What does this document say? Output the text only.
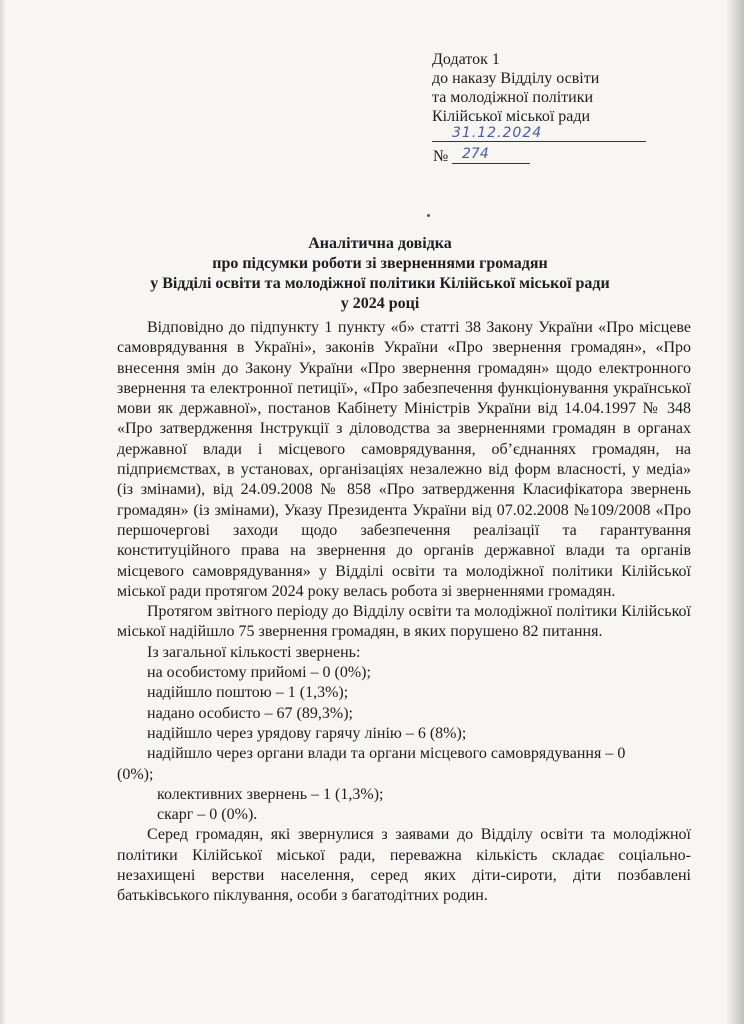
Додаток 1
до наказу Відділу освіти
та молодіжної політики
Кілійської міської ради
31.12.2024
№ 274
Аналітична довідка
про підсумки роботи зі зверненнями громадян
у Відділі освіти та молодіжної політики Кілійської міської ради
у 2024 році

Відповідно до підпункту 1 пункту «б» статті 38 Закону України «Про місцеве самоврядування в Україні», законів України «Про звернення громадян», «Про внесення змін до Закону України «Про звернення громадян» щодо електронного звернення та електронної петиції», «Про забезпечення функціонування української мови як державної», постанов Кабінету Міністрів України від 14.04.1997 № 348 «Про затвердження Інструкції з діловодства за зверненнями громадян в органах державної влади і місцевого самоврядування, об’єднаннях громадян, на підприємствах, в установах, організаціях незалежно від форм власності, у медіа» (із змінами), від 24.09.2008 № 858 «Про затвердження Класифікатора звернень громадян» (із змінами), Указу Президента України від 07.02.2008 №109/2008 «Про першочергові заходи щодо забезпечення реалізації та гарантування конституційного права на звернення до органів державної влади та органів місцевого самоврядування» у Відділі освіти та молодіжної політики Кілійської міської ради протягом 2024 року велась робота зі зверненнями громадян.

Протягом звітного періоду до Відділу освіти та молодіжної політики Кілійської міської надійшло 75 звернення громадян, в яких порушено 82 питання.

Із загальної кількості звернень:

на особистому прийомі – 0 (0%);

надійшло поштою – 1 (1,3%);

надано особисто – 67 (89,3%);

надійшло через урядову гарячу лінію – 6 (8%);

надійшло через органи влади та органи місцевого самоврядування – 0

(0%);

колективних звернень – 1 (1,3%);

скарг – 0 (0%).

Серед громадян, які звернулися з заявами до Відділу освіти та молодіжної політики Кілійської міської ради, переважна кількість складає соціально-незахищені верстви населення, серед яких діти-сироти, діти позбавлені батьківського піклування, особи з багатодітних родин.
